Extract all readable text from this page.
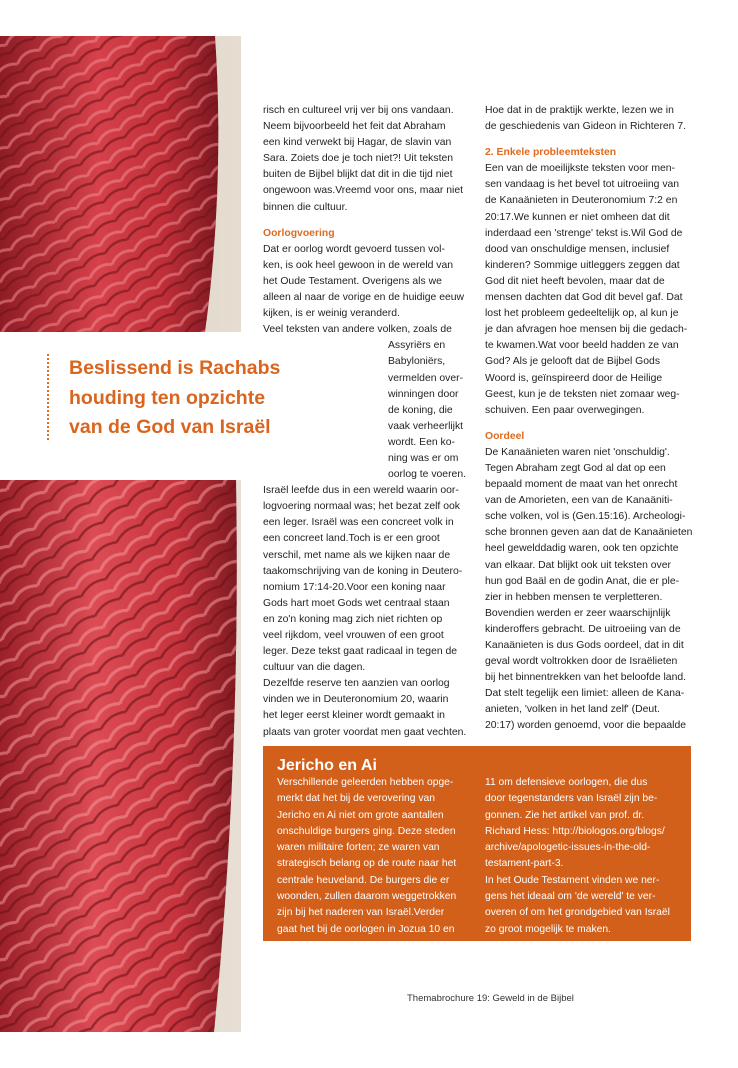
Beslissend is Rachabs

houding ten opzichte

van de God van Israël

risch en cultureel vrij ver bij ons vandaan.
Neem bijvoorbeeld het feit dat Abraham
een kind verwekt bij Hagar, de slavin van
Sara. Zoiets doe je toch niet?! Uit teksten
buiten de Bijbel blijkt dat dit in die tijd niet
ongewoon was.Vreemd voor ons, maar niet
binnen die cultuur.
Oorlogvoering
Dat er oorlog wordt gevoerd tussen vol-
ken, is ook heel gewoon in de wereld van
het Oude Testament. Overigens als we
alleen al naar de vorige en de huidige eeuw
kijken, is er weinig veranderd.
Veel teksten van andere volken, zoals de
Assyriërs en
Babyloniërs,
vermelden over-
winningen door
de koning, die
vaak verheerlijkt
wordt. Een ko-
ning was er om
oorlog te voeren.
Israël leefde dus in een wereld waarin oor-
logvoering normaal was; het bezat zelf ook
een leger. Israël was een concreet volk in
een concreet land.Toch is er een groot
verschil, met name als we kijken naar de
taakomschrijving van de koning in Deutero-
nomium 17:14-20.Voor een koning naar
Gods hart moet Gods wet centraal staan
en zo'n koning mag zich niet richten op
veel rijkdom, veel vrouwen of een groot
leger. Deze tekst gaat radicaal in tegen de
cultuur van die dagen.
Dezelfde reserve ten aanzien van oorlog
vinden we in Deuteronomium 20, waarin
het leger eerst kleiner wordt gemaakt in
plaats van groter voordat men gaat vechten.
Hoe dat in de praktijk werkte, lezen we in
de geschiedenis van Gideon in Richteren 7.
2. Enkele probleemteksten
Een van de moeilijkste teksten voor men-
sen vandaag is het bevel tot uitroeiing van
de Kanaänieten in Deuteronomium 7:2 en
20:17.We kunnen er niet omheen dat dit
inderdaad een 'strenge' tekst is.Wil God de
dood van onschuldige mensen, inclusief
kinderen? Sommige uitleggers zeggen dat
God dit niet heeft bevolen, maar dat de
mensen dachten dat God dit bevel gaf. Dat
lost het probleem gedeeltelijk op, al kun je
je dan afvragen hoe mensen bij die gedach-
te kwamen.Wat voor beeld hadden ze van
God? Als je gelooft dat de Bijbel Gods
Woord is, geïnspireerd door de Heilige
Geest, kun je de teksten niet zomaar weg-
schuiven. Een paar overwegingen.
Oordeel
De Kanaänieten waren niet 'onschuldig'.
Tegen Abraham zegt God al dat op een
bepaald moment de maat van het onrecht
van de Amorieten, een van de Kanaäniti-
sche volken, vol is (Gen.15:16). Archeologi-
sche bronnen geven aan dat de Kanaänieten
heel gewelddadig waren, ook ten opzichte
van elkaar. Dat blijkt ook uit teksten over
hun god Baäl en de godin Anat, die er ple-
zier in hebben mensen te verpletteren.
Bovendien werden er zeer waarschijnlijk
kinderoffers gebracht. De uitroeiing van de
Kanaänieten is dus Gods oordeel, dat in dit
geval wordt voltrokken door de Israëlieten
bij het binnentrekken van het beloofde land.
Dat stelt tegelijk een limiet: alleen de Kana-
anieten, 'volken in het land zelf' (Deut.
20:17) worden genoemd, voor die bepaalde
Jericho en Ai
Verschillende geleerden hebben opge-
merkt dat het bij de verovering van
Jericho en Ai niet om grote aantallen
onschuldige burgers ging. Deze steden
waren militaire forten; ze waren van
strategisch belang op de route naar het
centrale heuveland. De burgers die er
woonden, zullen daarom weggetrokken
zijn bij het naderen van Israël.Verder
gaat het bij de oorlogen in Jozua 10 en
11 om defensieve oorlogen, die dus
door tegenstanders van Israël zijn be-
gonnen. Zie het artikel van prof. dr.
Richard Hess: http://biologos.org/blogs/
archive/apologetic-issues-in-the-old-
testament-part-3.
In het Oude Testament vinden we ner-
gens het ideaal om 'de wereld' te ver-
overen of om het grondgebied van Israël
zo groot mogelijk te maken.
Themabrochure 19: Geweld in de Bijbel
